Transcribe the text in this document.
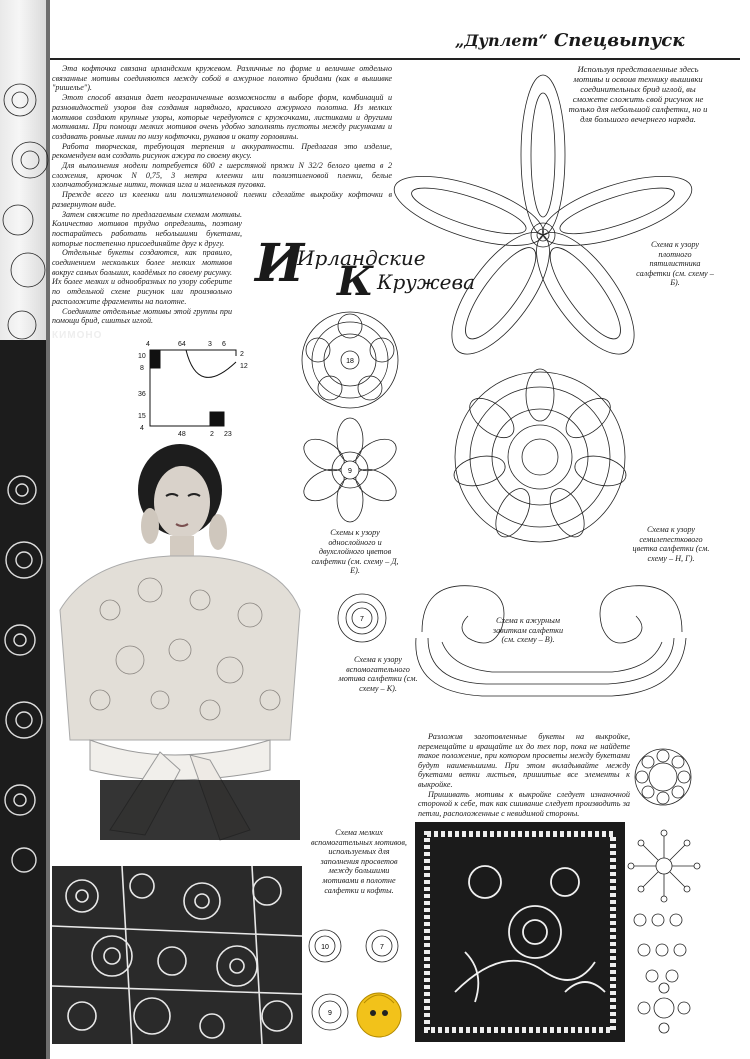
„Дуплет“ Спецвыпуск

Эта кофточка связана ирландским кружевом. Различные по форме и величине отдельно связанные мотивы соединяются между собой в ажурное полотно бридами (как в вышивке "ришелье").

Этот способ вязания дает неограниченные возможности в выборе форм, комбинаций и разновидностей узоров для создания нарядного, красивого ажурного полотна. Из мелких мотивов создают крупные узоры, которые чередуются с кружочками, листиками и другими мотивами. При помощи мелких мотивов очень удобно заполнять пустоты между рисунками и создавать ровные линии по низу кофточки, рукавов и окату горловины.

Работа творческая, требующая терпения и аккуратности. Предлагая это изделие, рекомендуем вам создать рисунок ажура по своему вкусу.

Для выполнения модели потребуется 600 г шерстяной пряжи N 32/2 белого цвета в 2 сложения, крючок N 0,75, 3 метра клеенки или полиэтиленовой пленки, белые хлопчатобумажные нитки, тонкая игла и маленькая пуговка.

Прежде всего из клеенки или полиэтиленовой пленки сделайте выкройку кофточки в развернутом виде.

Затем свяжите по предлагаемым схемам мотивы. Количество мотивов трудно определить, поэтому постарайтесь работать небольшими букетами, которые постепенно присоединяйте друг к другу.

Отдельные букеты создаются, как правило, соединением нескольких более мелких мотивов вокруг самых больших, кладёмых по своему рисунку. Их более мелких и однообразных по узору соберите по отдельной схеме рисунок или произвольно расположите фрагменты на полотне.

Соедините отдельные мотивы этой группы при помощи брид, сшитых иглой.

Используя представленные здесь мотивы и освоив технику вышивки соединительных брид иглой, вы сможете сложить свой рисунок не только для небольшой салфетки, но и для большого вечернего наряда.
И
Ирландские
К Кружева
КИМОНО
Фасон рукава, применяемый в европейской одежде. Кимоно ввел в европейскую моду Поль Пуаре (1879 – 1944), знаменитый французский портной и декоратор. Рукав с суживающимся книзу
4	64	3 6
2
12
10
8
36
15
4
48	2 23
Схема к узору плотного пятилистника салфетки (см. схему – Б).
18
9
Схемы к узору однослойного и двухслойного цветов салфетки (см. схему – Д, Е).
Схема к узору семилепесткового цветка салфетки (см. схему – Н, Г).
7
Схема к узору вспомогательного мотива салфетки (см. схему – К).
Схема к ажурным завиткам салфетки (см. схему – В).

Разложив заготовленные букеты на выкройке, перемещайте и вращайте их до тех пор, пока не найдете такое положение, при котором просветы между букетами будут наименьшими. При этом вкладывайте между букетами ветки листьев, пришитые все элементы к выкройке.

Пришивать мотивы к выкройке следует изнаночной стороной к себе, так как сшивание следует производить за петли, расположенные с невидимой стороны.

Схема мелких вспомогательных мотивов, используемых для заполнения просветов между большими мотивами в полотне салфетки и кофты.
10	7
9
